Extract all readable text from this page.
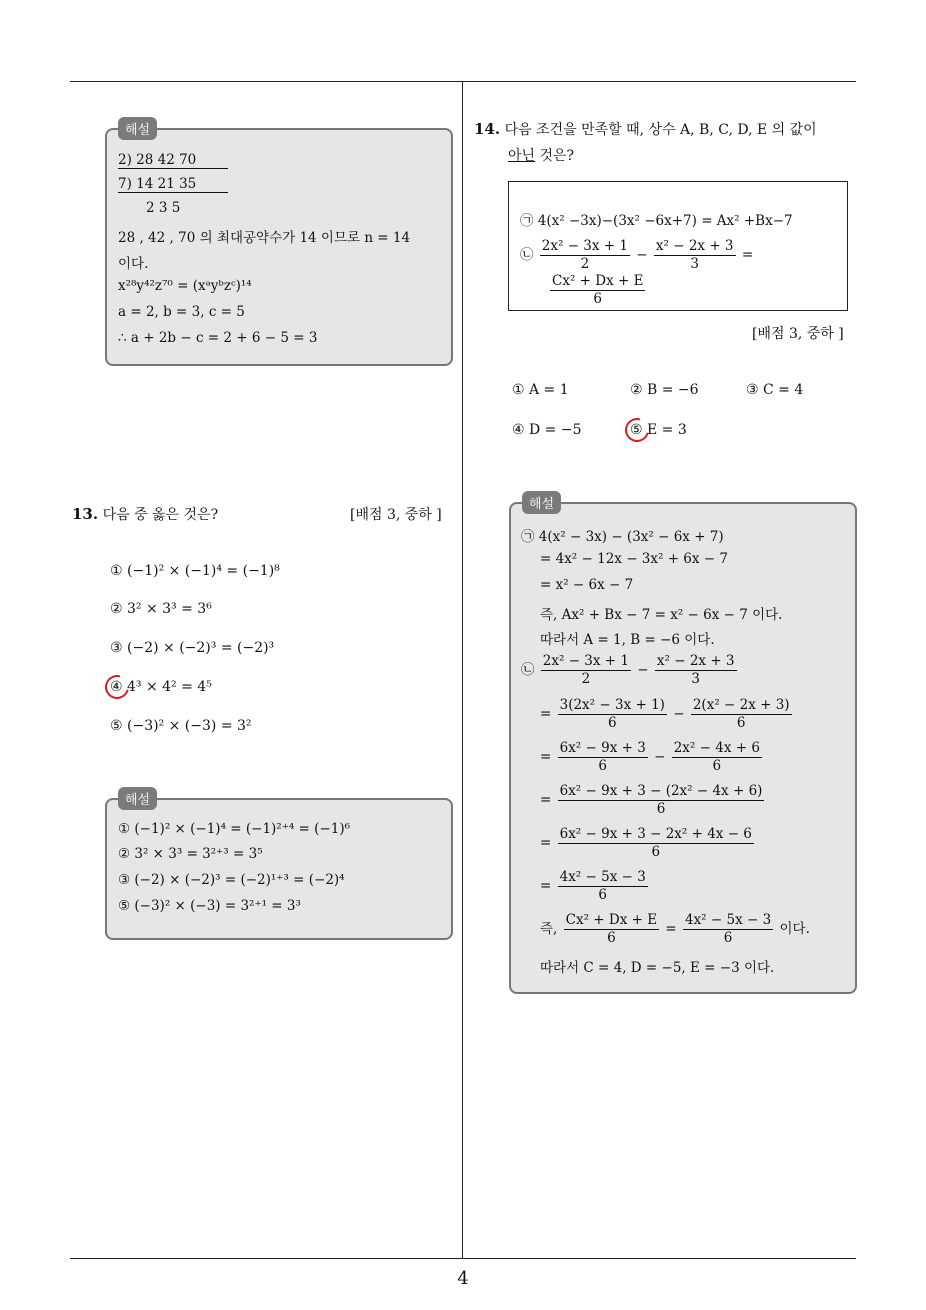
4
해설
2) 28 42 70
7) 14 21 35
2 3 5
28 , 42 , 70 의 최대공약수가 14 이므로 n = 14
이다.
x²⁸y⁴²z⁷⁰ = (xᵃyᵇzᶜ)¹⁴
a = 2, b = 3, c = 5
∴ a + 2b − c = 2 + 6 − 5 = 3
13. 다음 중 옳은 것은?	[배점 3, 중하 ]
① (−1)² × (−1)⁴ = (−1)⁸
② 3² × 3³ = 3⁶
③ (−2) × (−2)³ = (−2)³
④ 4³ × 4² = 4⁵
⑤ (−3)² × (−3) = 3²
해설
① (−1)² × (−1)⁴ = (−1)²⁺⁴ = (−1)⁶
② 3² × 3³ = 3²⁺³ = 3⁵
③ (−2) × (−2)³ = (−2)¹⁺³ = (−2)⁴
⑤ (−3)² × (−3) = 3²⁺¹ = 3³
14. 다음 조건을 만족할 때, 상수 A, B, C, D, E 의 값이
아닌 것은?
㉠ 4(x² −3x)−(3x² −6x+7) = Ax² +Bx−7
㉡ $\frac{\text{2x² − 3x + 1}}{2} - \frac{\text{x² − 2x + 3}}{3}$ =
$\frac{\text{Cx² + Dx + E}}{6}$
[배점 3, 중하 ]
① A = 1	② B = −6	③ C = 4
④ D = −5	⑤ E = 3
해설
㉠ 4(x² − 3x) − (3x² − 6x + 7)
= 4x² − 12x − 3x² + 6x − 7
= x² − 6x − 7
즉, Ax² + Bx − 7 = x² − 6x − 7 이다.
따라서 A = 1, B = −6 이다.
㉡ $\frac{\text{2x² − 3x + 1}}{2} - \frac{\text{x² − 2x + 3}}{3}$
= $\frac{\text{3(2x² − 3x + 1)}}{6} - \frac{\text{2(x² − 2x + 3)}}{6}$
= $\frac{\text{6x² − 9x + 3}}{6} - \frac{\text{2x² − 4x + 6}}{6}$
= $\frac{\text{6x² − 9x + 3 − (2x² − 4x + 6)}}{6}$
= $\frac{\text{6x² − 9x + 3 − 2x² + 4x − 6}}{6}$
= $\frac{\text{4x² − 5x − 3}}{6}$
즉, $\frac{\text{Cx² + Dx + E}}{6} = \frac{\text{4x² − 5x − 3}}{6}$ 이다.
따라서 C = 4, D = −5, E = −3 이다.
